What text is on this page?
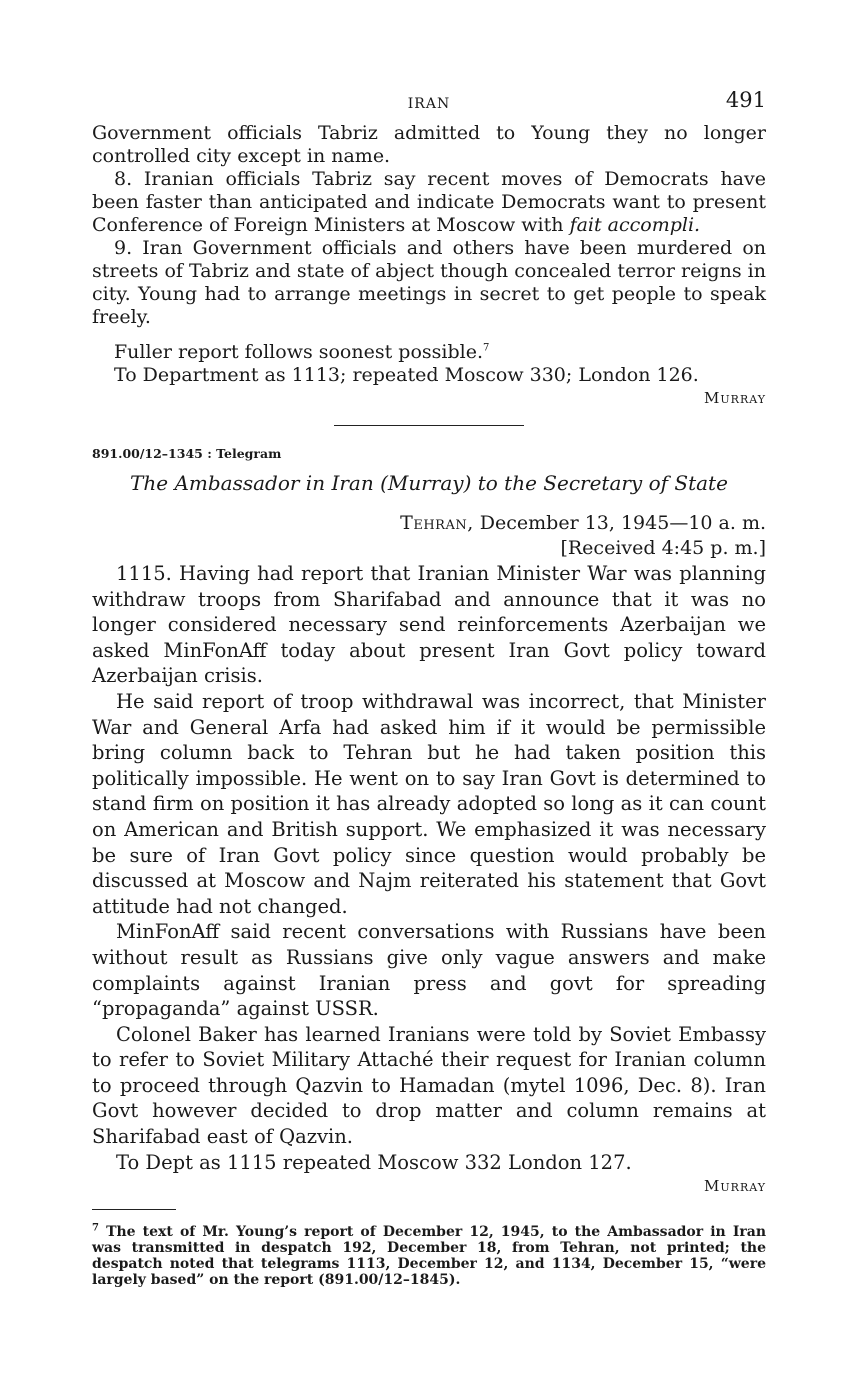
IRAN	491

Government officials Tabriz admitted to Young they no longer controlled city except in name.

8. Iranian officials Tabriz say recent moves of Democrats have been faster than anticipated and indicate Democrats want to present Conference of Foreign Ministers at Moscow with fait accompli.

9. Iran Government officials and others have been murdered on streets of Tabriz and state of abject though concealed terror reigns in city. Young had to arrange meetings in secret to get people to speak freely.

Fuller report follows soonest possible.$^7$

To Department as 1113; repeated Moscow 330; London 126.

Murray
891.00/12–1345 : Telegram
The Ambassador in Iran (Murray) to the Secretary of State
Tehran, December 13, 1945—10 a. m.
[Received 4:45 p. m.]

1115. Having had report that Iranian Minister War was planning withdraw troops from Sharifabad and announce that it was no longer considered necessary send reinforcements Azerbaijan we asked MinFonAff today about present Iran Govt policy toward Azerbaijan crisis.

He said report of troop withdrawal was incorrect, that Minister War and General Arfa had asked him if it would be permissible bring column back to Tehran but he had taken position this politically impossible. He went on to say Iran Govt is determined to stand firm on position it has already adopted so long as it can count on American and British support. We emphasized it was necessary be sure of Iran Govt policy since question would probably be discussed at Moscow and Najm reiterated his statement that Govt attitude had not changed.

MinFonAff said recent conversations with Russians have been without result as Russians give only vague answers and make complaints against Iranian press and govt for spreading “propaganda” against USSR.

Colonel Baker has learned Iranians were told by Soviet Embassy to refer to Soviet Military Attaché their request for Iranian column to proceed through Qazvin to Hamadan (mytel 1096, Dec. 8). Iran Govt however decided to drop matter and column remains at Sharifabad east of Qazvin.

To Dept as 1115 repeated Moscow 332 London 127.

Murray

$^7$ The text of Mr. Young’s report of December 12, 1945, to the Ambassador in Iran was transmitted in despatch 192, December 18, from Tehran, not printed; the despatch noted that telegrams 1113, December 12, and 1134, December 15, “were largely based” on the report (891.00/12–1845).
